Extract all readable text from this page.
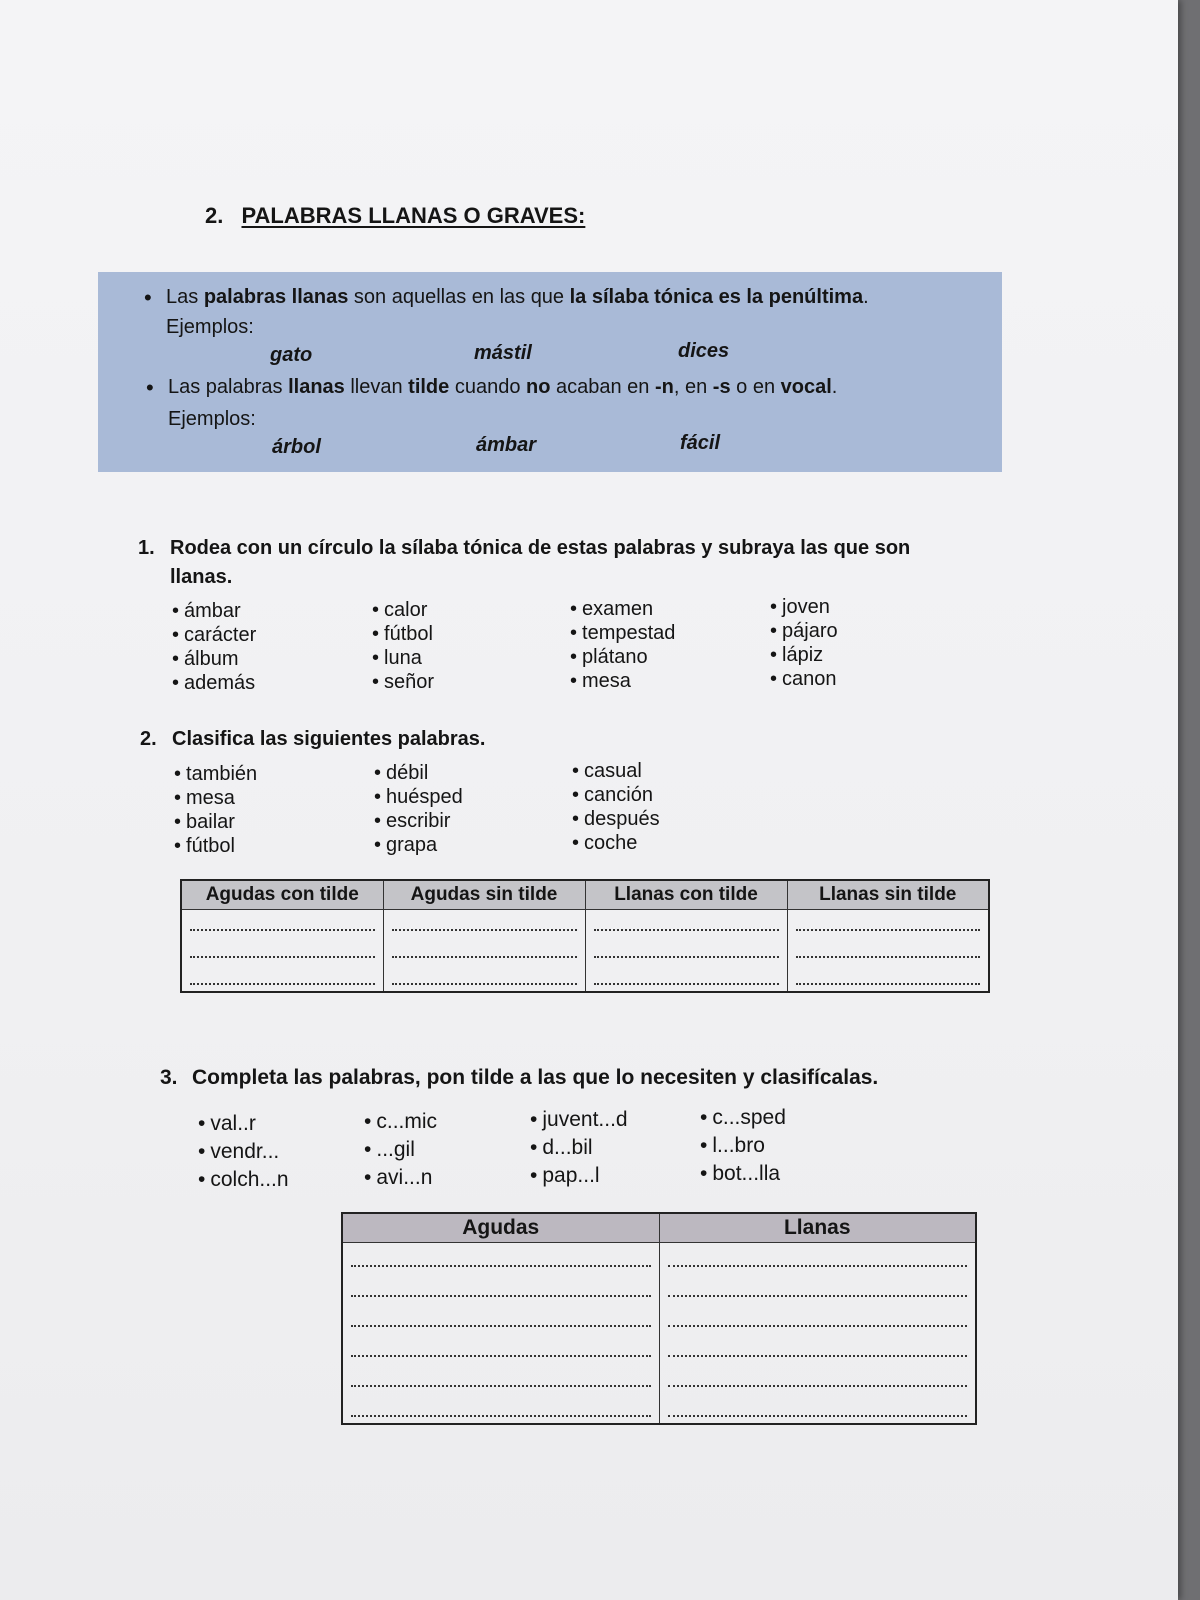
2. PALABRAS LLANAS O GRAVES:
• Las palabras llanas son aquellas en las que la sílaba tónica es la penúltima.
Ejemplos:
gato	mástil	dices
• Las palabras llanas llevan tilde cuando no acaban en -n, en -s o en vocal.
Ejemplos:
árbol	ámbar	fácil
1. Rodea con un círculo la sílaba tónica de estas palabras y subraya las que son
llanas.
• ámbar
• carácter
• álbum
• además
• calor
• fútbol
• luna
• señor
• examen
• tempestad
• plátano
• mesa
• joven
• pájaro
• lápiz
• canon
2. Clasifica las siguientes palabras.
• también
• mesa
• bailar
• fútbol
• débil
• huésped
• escribir
• grapa
• casual
• canción
• después
• coche
Agudas con tilde	Agudas sin tilde	Llanas con tilde	Llanas sin tilde

3. Completa las palabras, pon tilde a las que lo necesiten y clasifícalas.
• val..r
• vendr...
• colch...n
• c...mic
• ...gil
• avi...n
• juvent...d
• d...bil
• pap...l
• c...sped
• l...bro
• bot...lla
Agudas	Llanas
